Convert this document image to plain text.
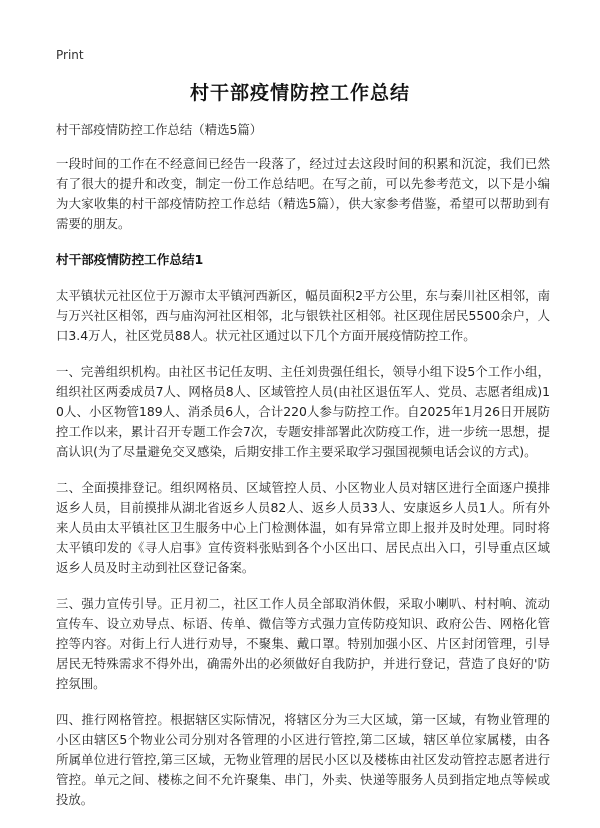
Print
村干部疫情防控工作总结

村干部疫情防控工作总结（精选5篇）

一段时间的工作在不经意间已经告一段落了，经过过去这段时间的积累和沉淀，我们已然有了很大的提升和改变，制定一份工作总结吧。在写之前，可以先参考范文，以下是小编为大家收集的村干部疫情防控工作总结（精选5篇），供大家参考借鉴，希望可以帮助到有需要的朋友。

村干部疫情防控工作总结1

太平镇状元社区位于万源市太平镇河西新区，幅员面积2平方公里，东与秦川社区相邻，南与万兴社区相邻，西与庙沟河社区相邻，北与银铁社区相邻。社区现住居民5500余户，人口3.4万人，社区党员88人。状元社区通过以下几个方面开展疫情防控工作。

一、完善组织机构。由社区书记任友明、主任刘贵强任组长，领导小组下设5个工作小组，组织社区两委成员7人、网格员8人、区域管控人员(由社区退伍军人、党员、志愿者组成)10人、小区物管189人、消杀员6人，合计220人参与防控工作。自2025年1月26日开展防控工作以来，累计召开专题工作会7次，专题安排部署此次防疫工作，进一步统一思想，提高认识(为了尽量避免交叉感染，后期安排工作主要采取学习强国视频电话会议的方式)。

二、全面摸排登记。组织网格员、区域管控人员、小区物业人员对辖区进行全面逐户摸排返乡人员，目前摸排从湖北省返乡人员82人、返乡人员33人、安康返乡人员1人。所有外来人员由太平镇社区卫生服务中心上门检测体温，如有异常立即上报并及时处理。同时将太平镇印发的《寻人启事》宣传资料张贴到各个小区出口、居民点出入口，引导重点区域返乡人员及时主动到社区登记备案。

三、强力宣传引导。正月初二，社区工作人员全部取消休假，采取小喇叭、村村响、流动宣传车、设立劝导点、标语、传单、微信等方式强力宣传防疫知识、政府公告、网格化管控等内容。对街上行人进行劝导，不聚集、戴口罩。特别加强小区、片区封闭管理，引导居民无特殊需求不得外出，确需外出的必须做好自我防护，并进行登记，营造了良好的'防控氛围。

四、推行网格管控。根据辖区实际情况，将辖区分为三大区域，第一区域，有物业管理的小区由辖区5个物业公司分别对各管理的小区进行管控,第二区域，辖区单位家属楼，由各所属单位进行管控,第三区域，无物业管理的居民小区以及楼栋由社区发动管控志愿者进行管控。单元之间、楼栋之间不允许聚集、串门，外卖、快递等服务人员到指定地点等候或投放。
